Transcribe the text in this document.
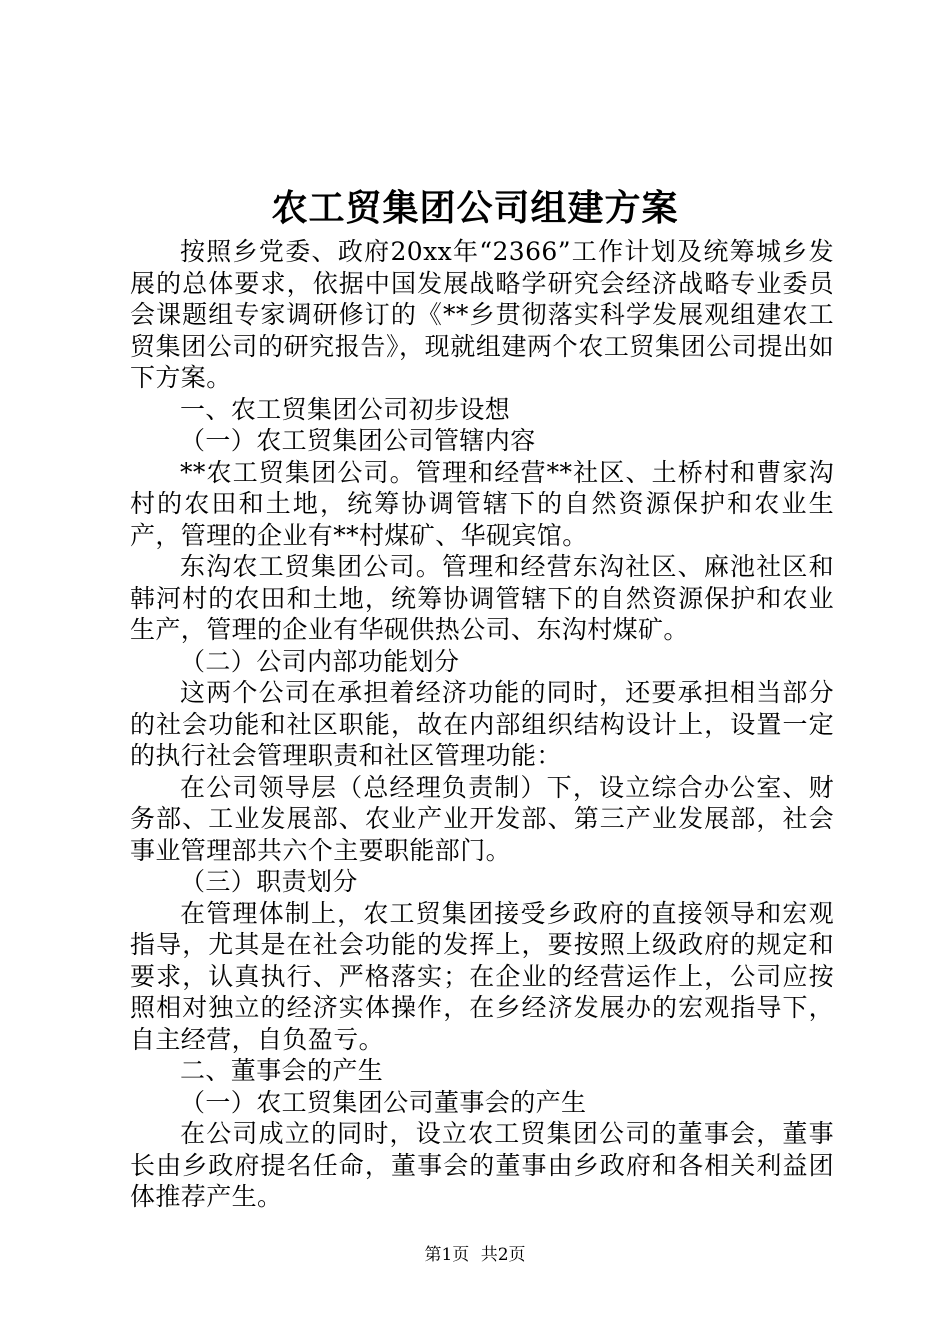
农工贸集团公司组建方案

按照乡党委、政府20xx年“2366”工作计划及统筹城乡发展的总体要求，依据中国发展战略学研究会经济战略专业委员会课题组专家调研修订的《**乡贯彻落实科学发展观组建农工贸集团公司的研究报告》，现就组建两个农工贸集团公司提出如下方案。

一、农工贸集团公司初步设想

（一）农工贸集团公司管辖内容

**农工贸集团公司。管理和经营**社区、土桥村和曹家沟村的农田和土地，统筹协调管辖下的自然资源保护和农业生产，管理的企业有**村煤矿、华砚宾馆。

东沟农工贸集团公司。管理和经营东沟社区、麻池社区和韩河村的农田和土地，统筹协调管辖下的自然资源保护和农业生产，管理的企业有华砚供热公司、东沟村煤矿。

（二）公司内部功能划分

这两个公司在承担着经济功能的同时，还要承担相当部分的社会功能和社区职能，故在内部组织结构设计上，设置一定的执行社会管理职责和社区管理功能：

在公司领导层（总经理负责制）下，设立综合办公室、财务部、工业发展部、农业产业开发部、第三产业发展部，社会事业管理部共六个主要职能部门。

（三）职责划分

在管理体制上，农工贸集团接受乡政府的直接领导和宏观指导，尤其是在社会功能的发挥上，要按照上级政府的规定和要求，认真执行、严格落实；在企业的经营运作上，公司应按照相对独立的经济实体操作，在乡经济发展办的宏观指导下，自主经营，自负盈亏。

二、董事会的产生

（一）农工贸集团公司董事会的产生

在公司成立的同时，设立农工贸集团公司的董事会，董事长由乡政府提名任命，董事会的董事由乡政府和各相关利益团体推荐产生。

第1页 共2页
